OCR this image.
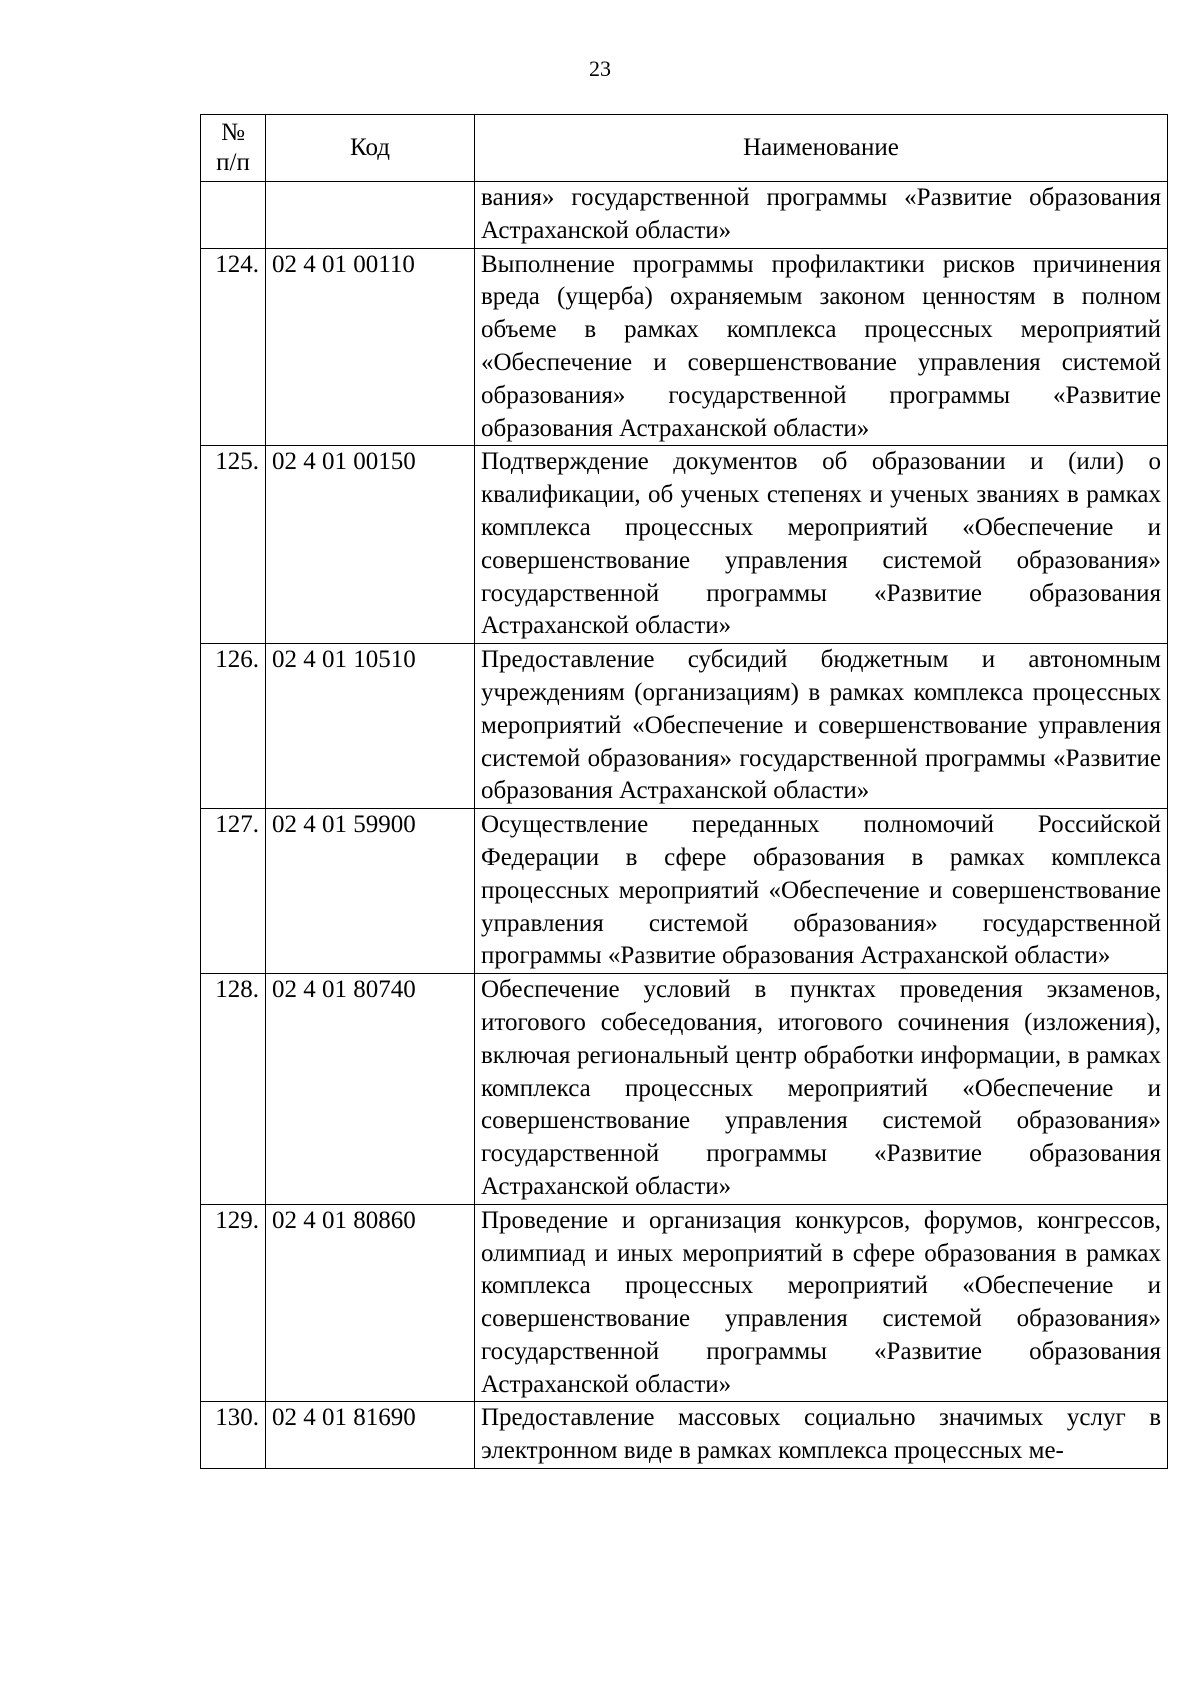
23
№
п/п	Код	Наименование
		вания» государственной программы «Развитие образования Астраханской области»
124.	02 4 01 00110	Выполнение программы профилактики рисков причинения вреда (ущерба) охраняемым законом ценностям в полном объеме в рамках комплекса процессных мероприятий «Обеспечение и совершенствование управления системой образования» государственной программы «Развитие образования Астраханской области»
125.	02 4 01 00150	Подтверждение документов об образовании и (или) о квалификации, об ученых степенях и ученых званиях в рамках комплекса процессных мероприятий «Обеспечение и совершенствование управления системой образования» государственной программы «Развитие образования Астраханской области»
126.	02 4 01 10510	Предоставление субсидий бюджетным и автономным учреждениям (организациям) в рамках комплекса процессных мероприятий «Обеспечение и совершенствование управления системой образования» государственной программы «Развитие образования Астраханской области»
127.	02 4 01 59900	Осуществление переданных полномочий Российской Федерации в сфере образования в рамках комплекса процессных мероприятий «Обеспечение и совершенствование управления системой образования» государственной программы «Развитие образования Астраханской области»
128.	02 4 01 80740	Обеспечение условий в пунктах проведения экзаменов, итогового собеседования, итогового сочинения (изложения), включая региональный центр обработки информации, в рамках комплекса процессных мероприятий «Обеспечение и совершенствование управления системой образования» государственной программы «Развитие образования Астраханской области»
129.	02 4 01 80860	Проведение и организация конкурсов, форумов, конгрессов, олимпиад и иных мероприятий в сфере образования в рамках комплекса процессных мероприятий «Обеспечение и совершенствование управления системой образования» государственной программы «Развитие образования Астраханской области»
130.	02 4 01 81690	Предоставление массовых социально значимых услуг в электронном виде в рамках комплекса процессных ме-
